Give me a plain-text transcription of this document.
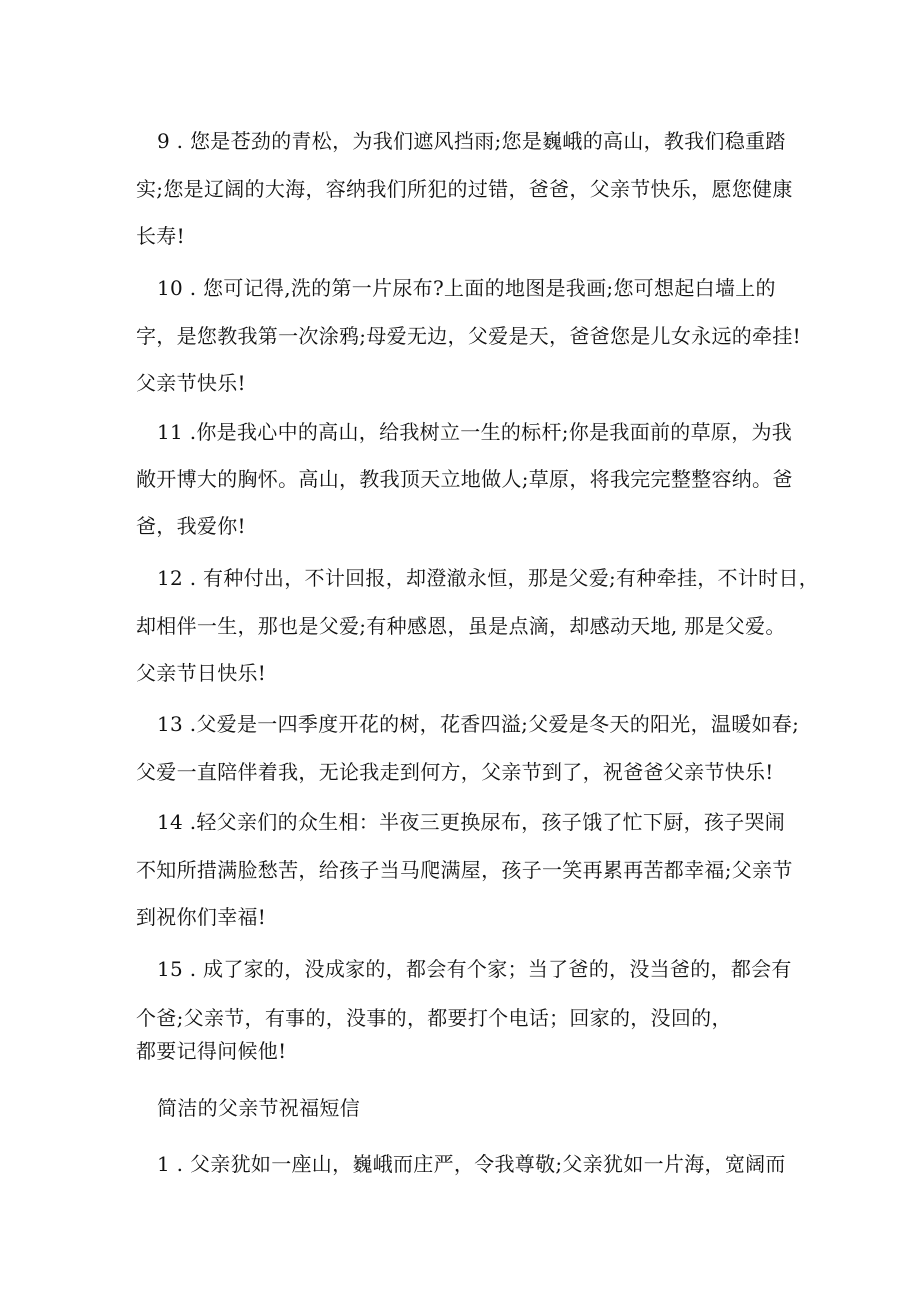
9 . 您是苍劲的青松，为我们遮风挡雨;您是巍峨的高山，教我们稳重踏
实;您是辽阔的大海，容纳我们所犯的过错，爸爸，父亲节快乐，愿您健康
长寿!
10 . 您可记得,洗的第一片尿布?上面的地图是我画;您可想起白墙上的
字，是您教我第一次涂鸦;母爱无边，父爱是天，爸爸您是儿女永远的牵挂!
父亲节快乐!
11 .你是我心中的高山，给我树立一生的标杆;你是我面前的草原，为我
敞开博大的胸怀。高山，教我顶天立地做人;草原，将我完完整整容纳。爸
爸，我爱你!
12 . 有种付出，不计回报，却澄澈永恒，那是父爱;有种牵挂，不计时日，
却相伴一生，那也是父爱;有种感恩，虽是点滴，却感动天地, 那是父爱。
父亲节日快乐!
13 .父爱是一四季度开花的树，花香四溢;父爱是冬天的阳光，温暖如春;
父爱一直陪伴着我，无论我走到何方，父亲节到了，祝爸爸父亲节快乐!
14 .轻父亲们的众生相：半夜三更换尿布，孩子饿了忙下厨，孩子哭闹
不知所措满脸愁苦，给孩子当马爬满屋，孩子一笑再累再苦都幸福;父亲节
到祝你们幸福!
15 . 成了家的，没成家的，都会有个家；当了爸的，没当爸的，都会有
个爸;父亲节，有事的，没事的，都要打个电话；回家的，没回的，
都要记得问候他!
简洁的父亲节祝福短信
1 . 父亲犹如一座山，巍峨而庄严，令我尊敬;父亲犹如一片海，宽阔而
